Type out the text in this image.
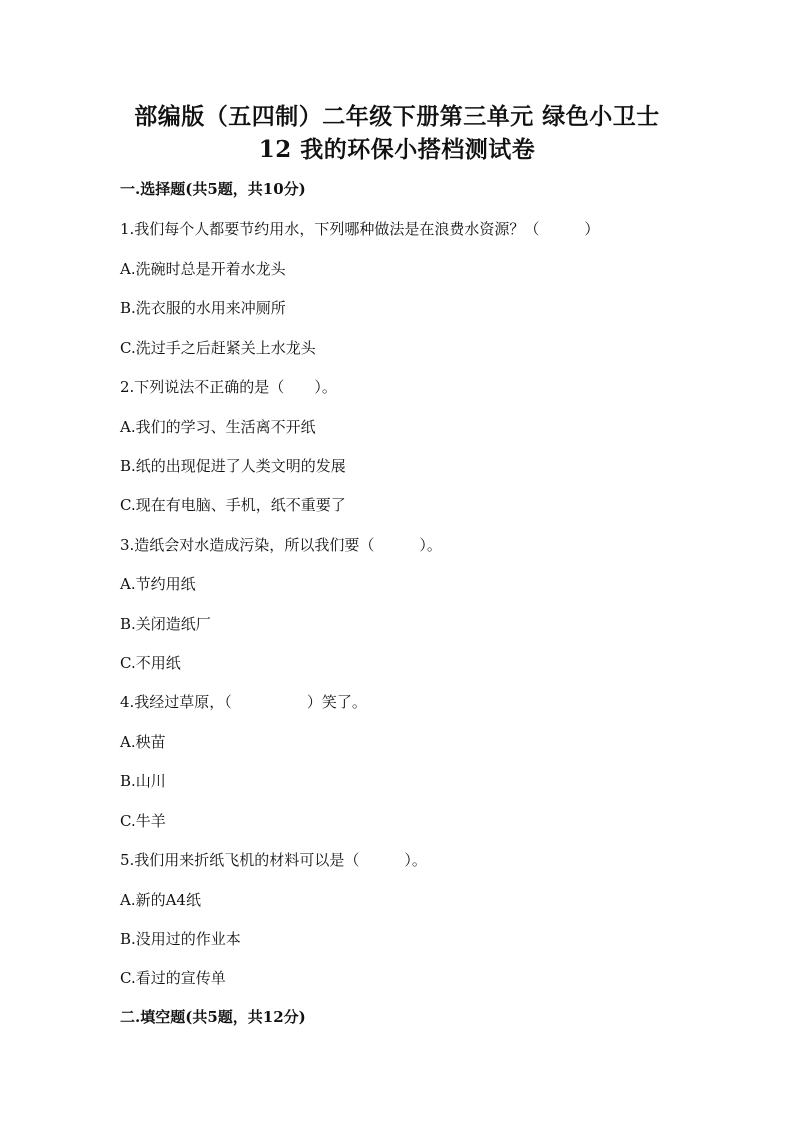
部编版（五四制）二年级下册第三单元 绿色小卫士
12 我的环保小搭档测试卷
一.选择题(共5题，共10分)
1.我们每个人都要节约用水，下列哪种做法是在浪费水资源？（　　　）
A.洗碗时总是开着水龙头
B.洗衣服的水用来冲厕所
C.洗过手之后赶紧关上水龙头
2.下列说法不正确的是（　　）。
A.我们的学习、生活离不开纸
B.纸的出现促进了人类文明的发展
C.现在有电脑、手机，纸不重要了
3.造纸会对水造成污染，所以我们要（　　　）。
A.节约用纸
B.关闭造纸厂
C.不用纸
4.我经过草原，（　　　　　）笑了。
A.秧苗
B.山川
C.牛羊
5.我们用来折纸飞机的材料可以是（　　　）。
A.新的A4纸
B.没用过的作业本
C.看过的宣传单
二.填空题(共5题，共12分)
